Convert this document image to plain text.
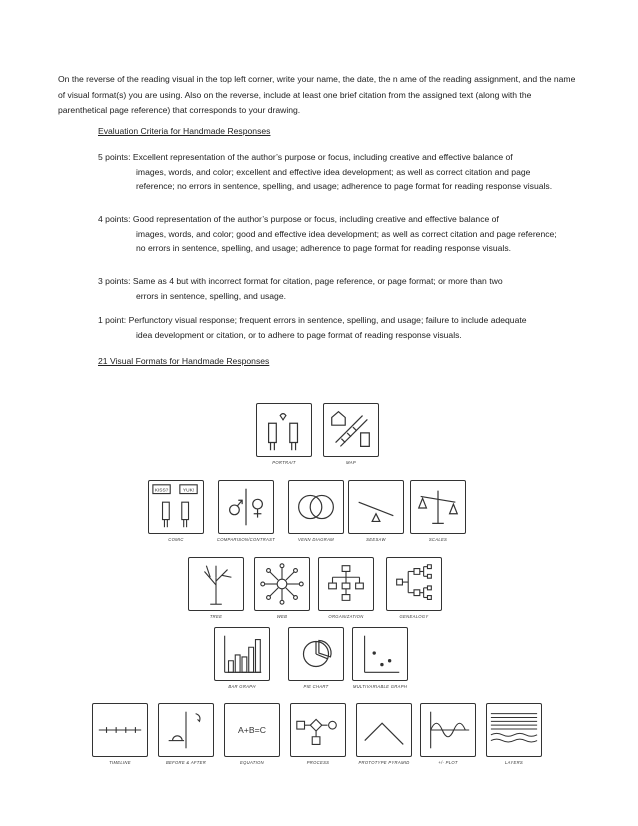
On the reverse of the reading visual in the top left corner, write your name, the date, the n ame of the reading assignment, and the name of visual format(s) you are using. Also on the reverse, include at least one brief citation from the assigned text (along with the parenthetical page reference) that corresponds to your drawing.
Evaluation Criteria for Handmade Responses
5 points: Excellent representation of the author’s purpose or focus, including creative and effective balance of
images, words, and color; excellent and effective idea development; as well as correct citation and page reference; no errors in sentence, spelling, and usage; adherence to page format for reading response visuals.
4 points: Good representation of the author’s purpose or focus, including creative and effective balance of
images, words, and color; good and effective idea development; as well as correct citation and page reference; no errors in sentence, spelling, and usage; adherence to page format for reading response visuals.
3 points: Same as 4 but with incorrect format for citation, page reference, or page format; or more than two
errors in sentence, spelling, and usage.
1 point: Perfunctory visual response; frequent errors in sentence, spelling, and usage; failure to include adequate
idea development or citation, or to adhere to page format of reading response visuals.
21 Visual Formats for Handmade Responses
PORTRAIT	MAP
KISS?	YUK!
COMIC	COMPARISON/CONTRAST	VENN DIAGRAM	SEESAW	SCALES
TREE	WEB	ORGANIZATION	GENEALOGY
BAR GRAPH	PIE CHART	MULTIVARIABLE GRAPH
TIMELINE	BEFORE & AFTER
A+B=C
EQUATION	PROCESS	PROTOTYPE PYRAMID	+/- PLOT	LAYERS
